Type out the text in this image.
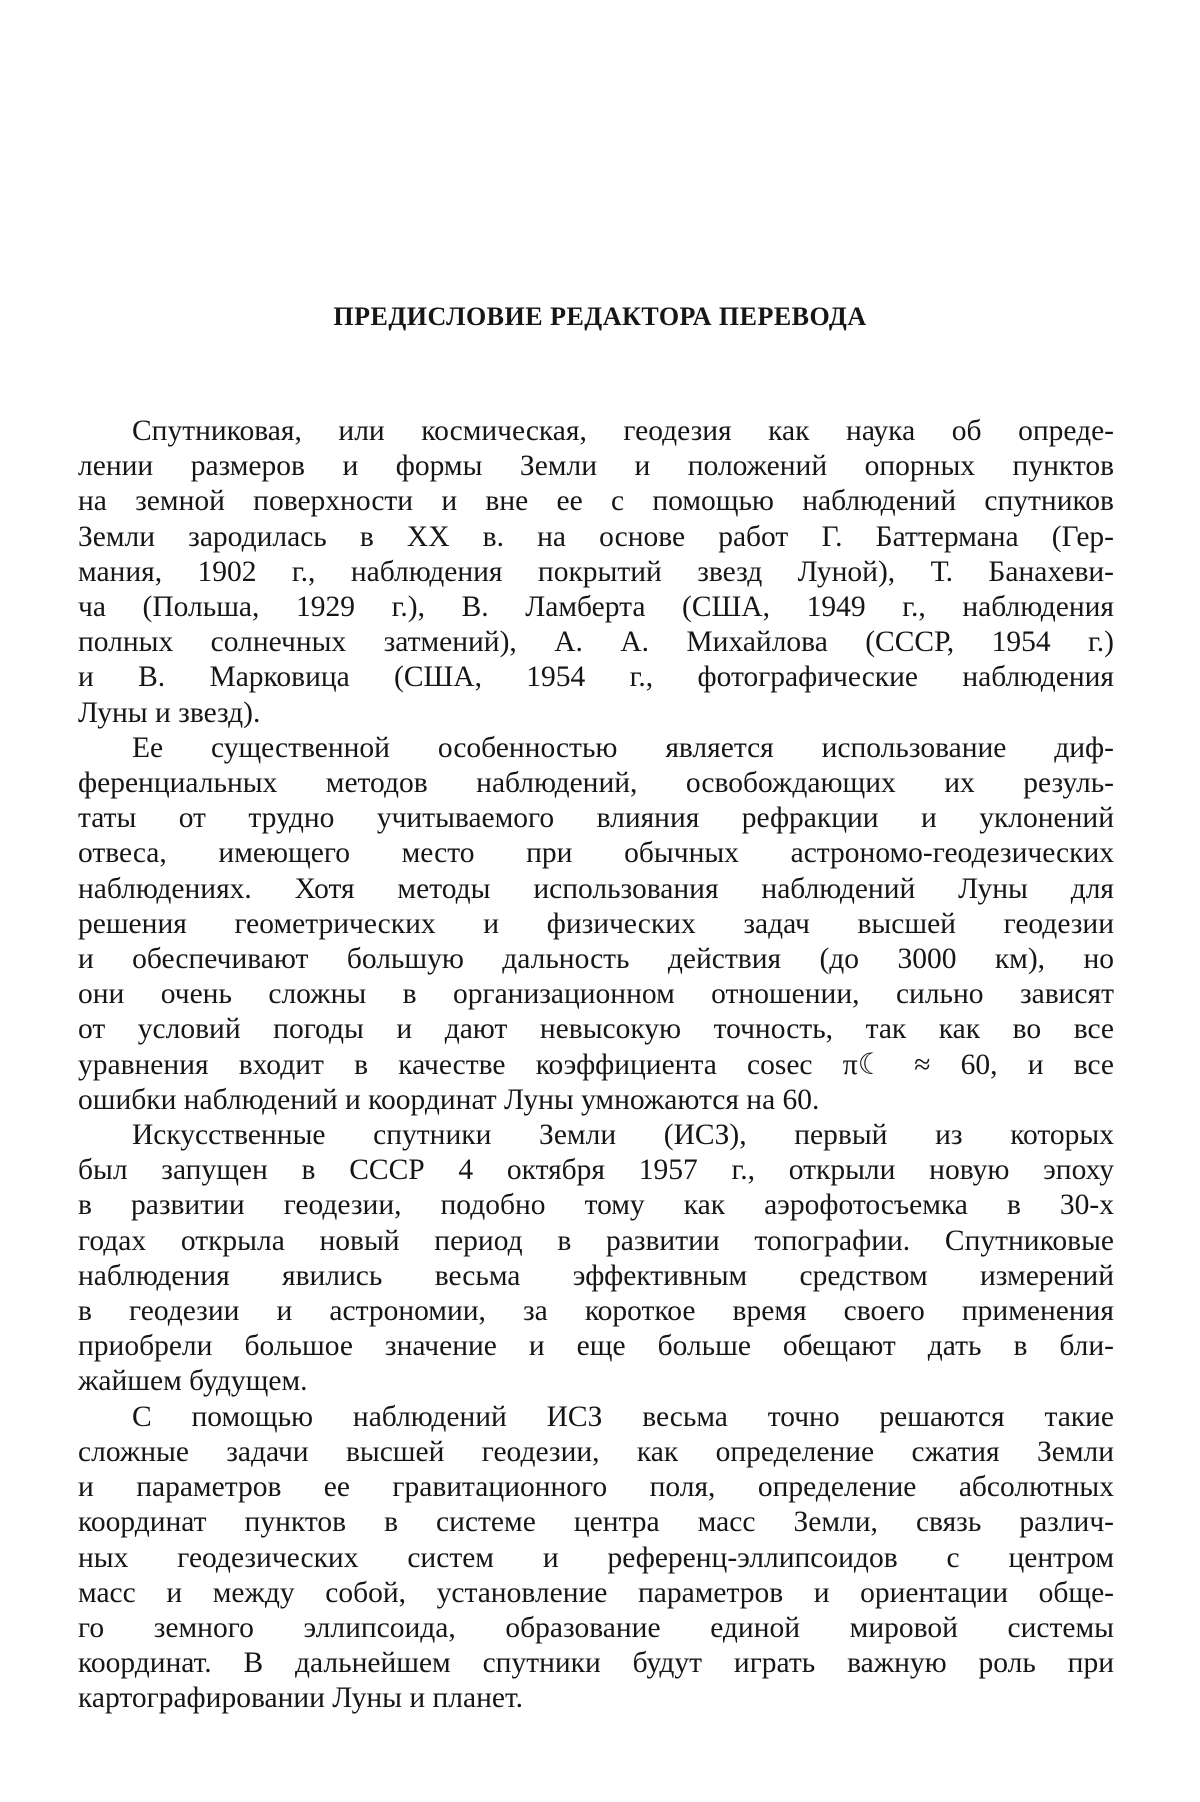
ПРЕДИСЛОВИЕ РЕДАКТОРА ПЕРЕВОДА

Спутниковая, или космическая, геодезия как наука об опреде-
лении размеров и формы Земли и положений опорных пунктов
на земной поверхности и вне ее с помощью наблюдений спутников
Земли зародилась в XX в. на основе работ Г. Баттермана (Гер-
мания, 1902 г., наблюдения покрытий звезд Луной), Т. Банахеви-
ча (Польша, 1929 г.), В. Ламберта (США, 1949 г., наблюдения
полных солнечных затмений), А. А. Михайлова (СССР, 1954 г.)
и В. Марковица (США, 1954 г., фотографические наблюдения
Луны и звезд).

Ее существенной особенностью является использование диф-
ференциальных методов наблюдений, освобождающих их резуль-
таты от трудно учитываемого влияния рефракции и уклонений
отвеса, имеющего место при обычных астрономо-геодезических
наблюдениях. Хотя методы использования наблюдений Луны для
решения геометрических и физических задач высшей геодезии
и обеспечивают большую дальность действия (до 3000 км), но
они очень сложны в организационном отношении, сильно зависят
от условий погоды и дают невысокую точность, так как во все
уравнения входит в качестве коэффициента cosec π☾ ≈ 60, и все
ошибки наблюдений и координат Луны умножаются на 60.

Искусственные спутники Земли (ИСЗ), первый из которых
был запущен в СССР 4 октября 1957 г., открыли новую эпоху
в развитии геодезии, подобно тому как аэрофотосъемка в 30-х
годах открыла новый период в развитии топографии. Спутниковые
наблюдения явились весьма эффективным средством измерений
в геодезии и астрономии, за короткое время своего применения
приобрели большое значение и еще больше обещают дать в бли-
жайшем будущем.

С помощью наблюдений ИСЗ весьма точно решаются такие
сложные задачи высшей геодезии, как определение сжатия Земли
и параметров ее гравитационного поля, определение абсолютных
координат пунктов в системе центра масс Земли, связь различ-
ных геодезических систем и референц-эллипсоидов с центром
масс и между собой, установление параметров и ориентации обще-
го земного эллипсоида, образование единой мировой системы
координат. В дальнейшем спутники будут играть важную роль при
картографировании Луны и планет.
